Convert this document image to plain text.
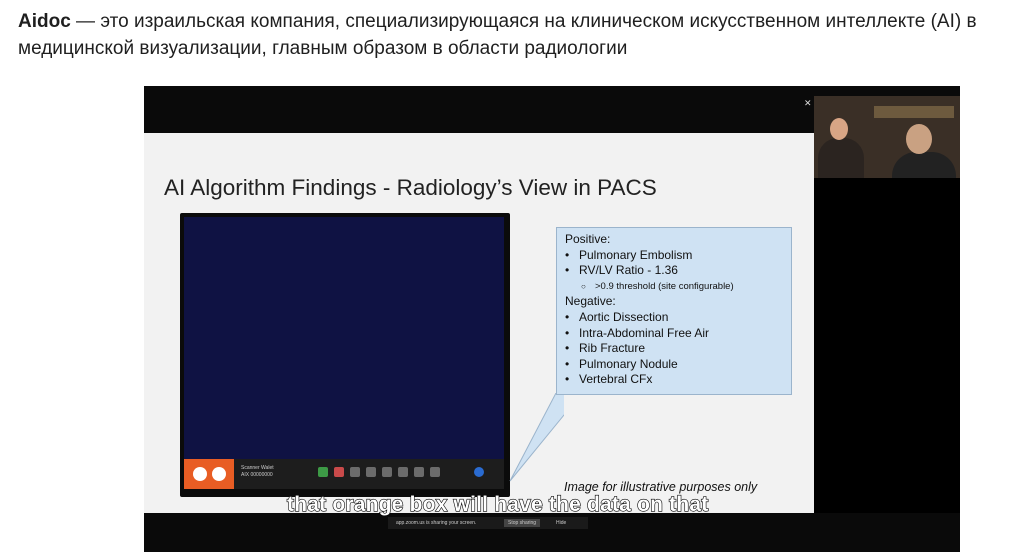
Aidoc — это израильская компания, специализирующаяся на клиническом искусственном интеллекте (AI) в медицинской визуализации, главным образом в области радиологии
AI Algorithm Findings - Radiology’s View in PACS
Scanner Walet
AIX 00000000
Positive:
• Pulmonary Embolism
• RV/LV Ratio - 1.36
○ >0.9 threshold (site configurable)
Negative:
• Aortic Dissection
• Intra-Abdominal Free Air
• Rib Fracture
• Pulmonary Nodule
• Vertebral CFx
Image for illustrative purposes only
✕
that orange box will have the data on that
app.zoom.us is sharing your screen.	Stop sharing	Hide
